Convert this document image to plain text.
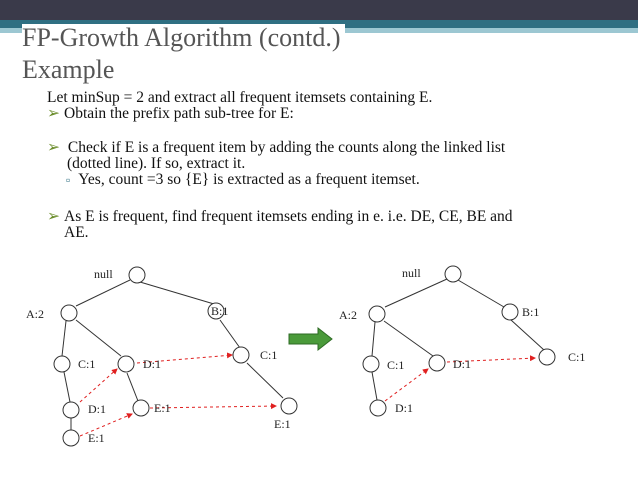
FP-Growth Algorithm (contd.)
Example
Let minSup = 2 and extract all frequent itemsets containing E.
➢ Obtain the prefix path sub-tree for E:
➢ Check if E is a frequent item by adding the counts along the linked list
(dotted line). If so, extract it.
▫ Yes, count =3 so {E} is extracted as a frequent itemset.
➢ As E is frequent, find frequent itemsets ending in e. i.e. DE, CE, BE and
AE.
null
A:2	B:1
C:1	D:1
C:1
D:1	E:1
E:1
E:1
null
A:2	B:1
C:1	D:1	C:1
D:1
